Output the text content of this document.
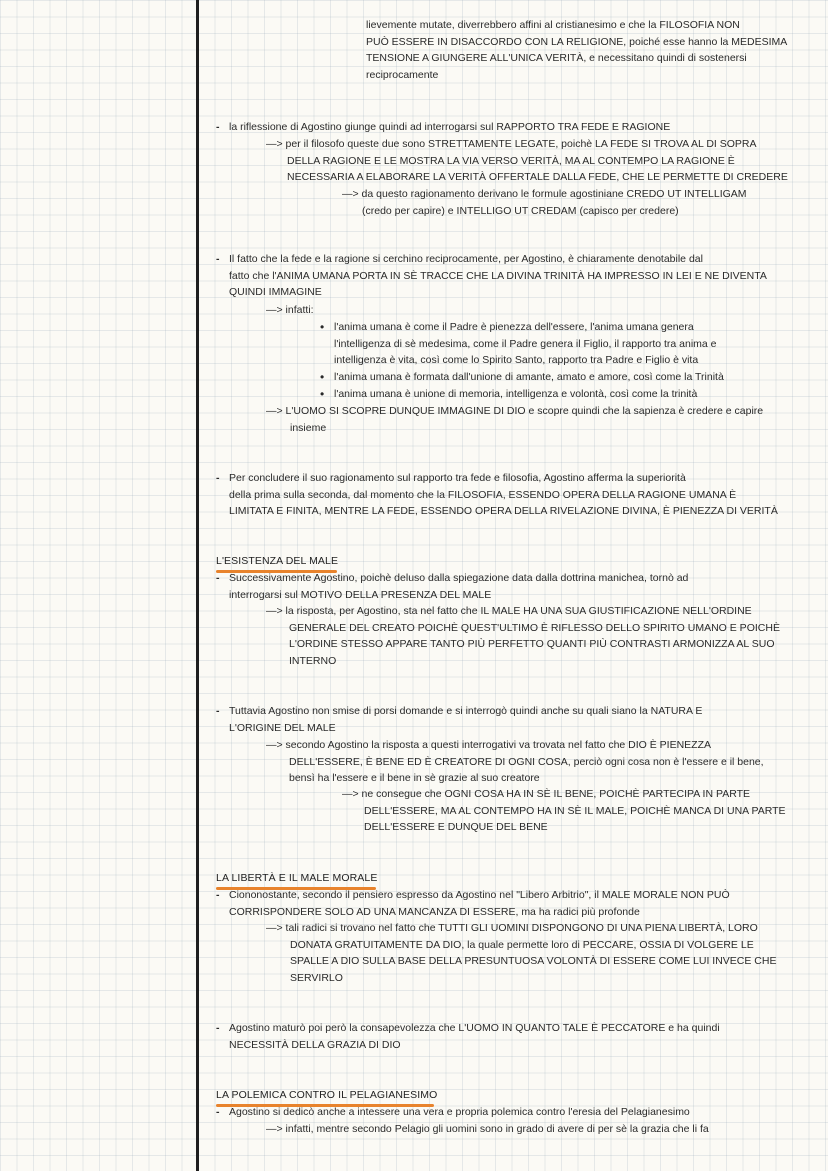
lievemente mutate, diverrebbero affini al cristianesimo e che la FILOSOFIA NON
PUÒ ESSERE IN DISACCORDO CON LA RELIGIONE, poiché esse hanno la MEDESIMA
TENSIONE A GIUNGERE ALL'UNICA VERITÀ, e necessitano quindi di sostenersi
reciprocamente
- la riflessione di Agostino giunge quindi ad interrogarsi sul RAPPORTO TRA FEDE E RAGIONE
—> per il filosofo queste due sono STRETTAMENTE LEGATE, poichè LA FEDE SI TROVA AL DI SOPRA
DELLA RAGIONE E LE MOSTRA LA VIA VERSO VERITÀ, MA AL CONTEMPO LA RAGIONE È
NECESSARIA A ELABORARE LA VERITÀ OFFERTALE DALLA FEDE, CHE LE PERMETTE DI CREDERE
—> da questo ragionamento derivano le formule agostiniane CREDO UT INTELLIGAM
(credo per capire) e INTELLIGO UT CREDAM (capisco per credere)
- Il fatto che la fede e la ragione si cerchino reciprocamente, per Agostino, è chiaramente denotabile dal
fatto che l'ANIMA UMANA PORTA IN SÈ TRACCE CHE LA DIVINA TRINITÀ HA IMPRESSO IN LEI E NE DIVENTA
QUINDI IMMAGINE
—> infatti:
• l'anima umana è come il Padre è pienezza dell'essere, l'anima umana genera
l'intelligenza di sè medesima, come il Padre genera il Figlio, il rapporto tra anima e
intelligenza è vita, così come lo Spirito Santo, rapporto tra Padre e Figlio è vita
• l'anima umana è formata dall'unione di amante, amato e amore, così come la Trinità
• l'anima umana è unione di memoria, intelligenza e volontà, così come la trinità
—> L'UOMO SI SCOPRE DUNQUE IMMAGINE DI DIO e scopre quindi che la sapienza è credere e capire
insieme
- Per concludere il suo ragionamento sul rapporto tra fede e filosofia, Agostino afferma la superiorità
della prima sulla seconda, dal momento che la FILOSOFIA, ESSENDO OPERA DELLA RAGIONE UMANA È
LIMITATA E FINITA, MENTRE LA FEDE, ESSENDO OPERA DELLA RIVELAZIONE DIVINA, È PIENEZZA DI VERITÀ
L'ESISTENZA DEL MALE
- Successivamente Agostino, poichè deluso dalla spiegazione data dalla dottrina manichea, tornò ad
interrogarsi sul MOTIVO DELLA PRESENZA DEL MALE
—> la risposta, per Agostino, sta nel fatto che IL MALE HA UNA SUA GIUSTIFICAZIONE NELL'ORDINE
GENERALE DEL CREATO POICHÈ QUEST'ULTIMO È RIFLESSO DELLO SPIRITO UMANO E POICHÈ
L'ORDINE STESSO APPARE TANTO PIÙ PERFETTO QUANTI PIÙ CONTRASTI ARMONIZZA AL SUO
INTERNO
- Tuttavia Agostino non smise di porsi domande e si interrogò quindi anche su quali siano la NATURA E
L'ORIGINE DEL MALE
—> secondo Agostino la risposta a questi interrogativi va trovata nel fatto che DIO È PIENEZZA
DELL'ESSERE, È BENE ED È CREATORE DI OGNI COSA, perciò ogni cosa non è l'essere e il bene,
bensì ha l'essere e il bene in sè grazie al suo creatore
—> ne consegue che OGNI COSA HA IN SÈ IL BENE, POICHÈ PARTECIPA IN PARTE
DELL'ESSERE, MA AL CONTEMPO HA IN SÈ IL MALE, POICHÈ MANCA DI UNA PARTE
DELL'ESSERE E DUNQUE DEL BENE
LA LIBERTÀ E IL MALE MORALE
- Ciononostante, secondo il pensiero espresso da Agostino nel "Libero Arbitrio", il MALE MORALE NON PUÒ
CORRISPONDERE SOLO AD UNA MANCANZA DI ESSERE, ma ha radici più profonde
—> tali radici si trovano nel fatto che TUTTI GLI UOMINI DISPONGONO DI UNA PIENA LIBERTÀ, LORO
DONATA GRATUITAMENTE DA DIO, la quale permette loro di PECCARE, OSSIA DI VOLGERE LE
SPALLE A DIO SULLA BASE DELLA PRESUNTUOSA VOLONTÀ DI ESSERE COME LUI INVECE CHE
SERVIRLO
- Agostino maturò poi però la consapevolezza che L'UOMO IN QUANTO TALE È PECCATORE e ha quindi
NECESSITÀ DELLA GRAZIA DI DIO
LA POLEMICA CONTRO IL PELAGIANESIMO
- Agostino si dedicò anche a intessere una vera e propria polemica contro l'eresia del Pelagianesimo
—> infatti, mentre secondo Pelagio gli uomini sono in grado di avere di per sè la grazia che li fa
